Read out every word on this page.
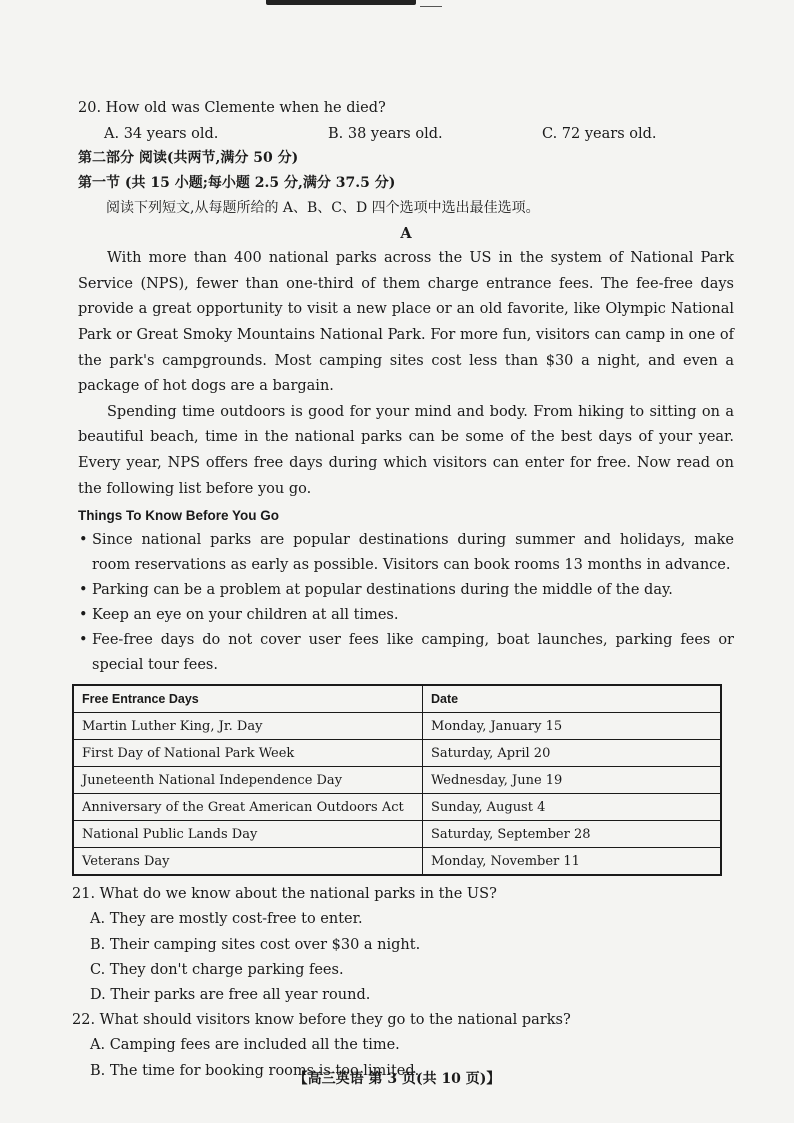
20. How old was Clemente when he died?
A. 34 years old.	B. 38 years old.	C. 72 years old.
第二部分 阅读(共两节,满分 50 分)
第一节 (共 15 小题;每小题 2.5 分,满分 37.5 分)
阅读下列短文,从每题所给的 A、B、C、D 四个选项中选出最佳选项。
A

With more than 400 national parks across the US in the system of National Park Service (NPS), fewer than one-third of them charge entrance fees. The fee-free days provide a great opportunity to visit a new place or an old favorite, like Olympic National Park or Great Smoky Mountains National Park. For more fun, visitors can camp in one of the park's campgrounds. Most camping sites cost less than $30 a night, and even a package of hot dogs are a bargain.

Spending time outdoors is good for your mind and body. From hiking to sitting on a beautiful beach, time in the national parks can be some of the best days of your year. Every year, NPS offers free days during which visitors can enter for free. Now read on the following list before you go.

Things To Know Before You Go
• Since national parks are popular destinations during summer and holidays, make room reservations as early as possible. Visitors can book rooms 13 months in advance.
• Parking can be a problem at popular destinations during the middle of the day.
• Keep an eye on your children at all times.
• Fee-free days do not cover user fees like camping, boat launches, parking fees or special tour fees.
Free Entrance Days	Date
Martin Luther King, Jr. Day	Monday, January 15
First Day of National Park Week	Saturday, April 20
Juneteenth National Independence Day	Wednesday, June 19
Anniversary of the Great American Outdoors Act	Sunday, August 4
National Public Lands Day	Saturday, September 28
Veterans Day	Monday, November 11
21. What do we know about the national parks in the US?
A. They are mostly cost-free to enter.
B. Their camping sites cost over $30 a night.
C. They don't charge parking fees.
D. Their parks are free all year round.
22. What should visitors know before they go to the national parks?
A. Camping fees are included all the time.
B. The time for booking rooms is too limited.
【高三英语 第 3 页(共 10 页)】
